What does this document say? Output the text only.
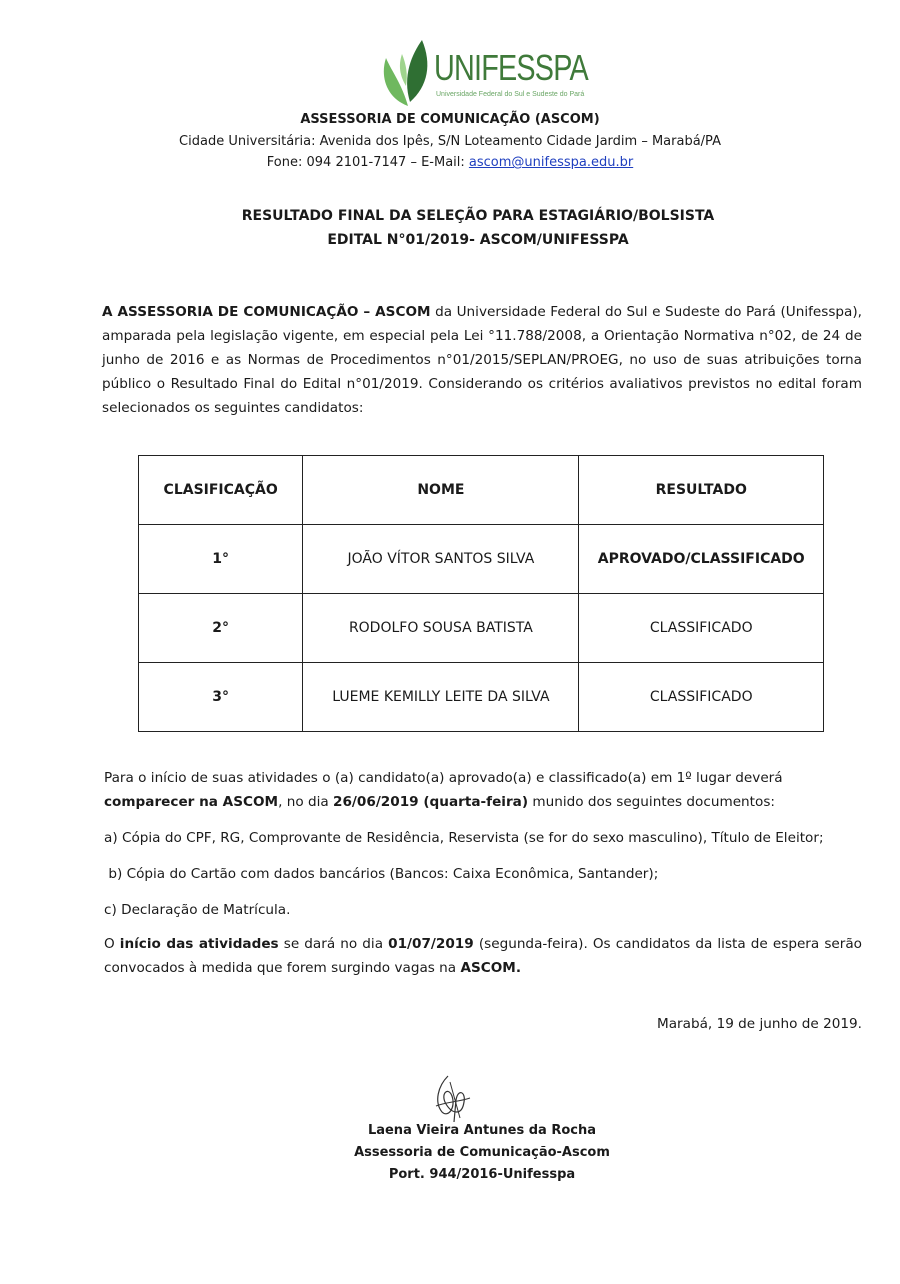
UNIFESSPA
Universidade Federal do Sul e Sudeste do Pará
ASSESSORIA DE COMUNICAÇÃO (ASCOM)
Cidade Universitária: Avenida dos Ipês, S/N Loteamento Cidade Jardim – Marabá/PA
Fone: 094 2101-7147 – E-Mail: ascom@unifesspa.edu.br
RESULTADO FINAL DA SELEÇÃO PARA ESTAGIÁRIO/BOLSISTA
EDITAL N°01/2019- ASCOM/UNIFESSPA

A ASSESSORIA DE COMUNICAÇÃO – ASCOM da Universidade Federal do Sul e Sudeste do Pará (Unifesspa), amparada pela legislação vigente, em especial pela Lei °11.788/2008, a Orientação Normativa n°02, de 24 de junho de 2016 e as Normas de Procedimentos n°01/2015/SEPLAN/PROEG, no uso de suas atribuições torna público o Resultado Final do Edital n°01/2019. Considerando os critérios avaliativos previstos no edital foram selecionados os seguintes candidatos:

CLASIFICAÇÃO	NOME	RESULTADO
1°	JOÃO VÍTOR SANTOS SILVA	APROVADO/CLASSIFICADO
2°	RODOLFO SOUSA BATISTA	CLASSIFICADO
3°	LUEME KEMILLY LEITE DA SILVA	CLASSIFICADO

Para o início de suas atividades o (a) candidato(a) aprovado(a) e classificado(a) em 1º lugar deverá comparecer na ASCOM, no dia 26/06/2019 (quarta-feira) munido dos seguintes documentos:

a) Cópia do CPF, RG, Comprovante de Residência, Reservista (se for do sexo masculino), Título de Eleitor;

b) Cópia do Cartão com dados bancários (Bancos: Caixa Econômica, Santander);

c) Declaração de Matrícula.

O início das atividades se dará no dia 01/07/2019 (segunda-feira). Os candidatos da lista de espera serão convocados à medida que forem surgindo vagas na ASCOM.

Marabá, 19 de junho de 2019.
Laena Vieira Antunes da Rocha
Assessoria de Comunicação-Ascom
Port. 944/2016-Unifesspa
